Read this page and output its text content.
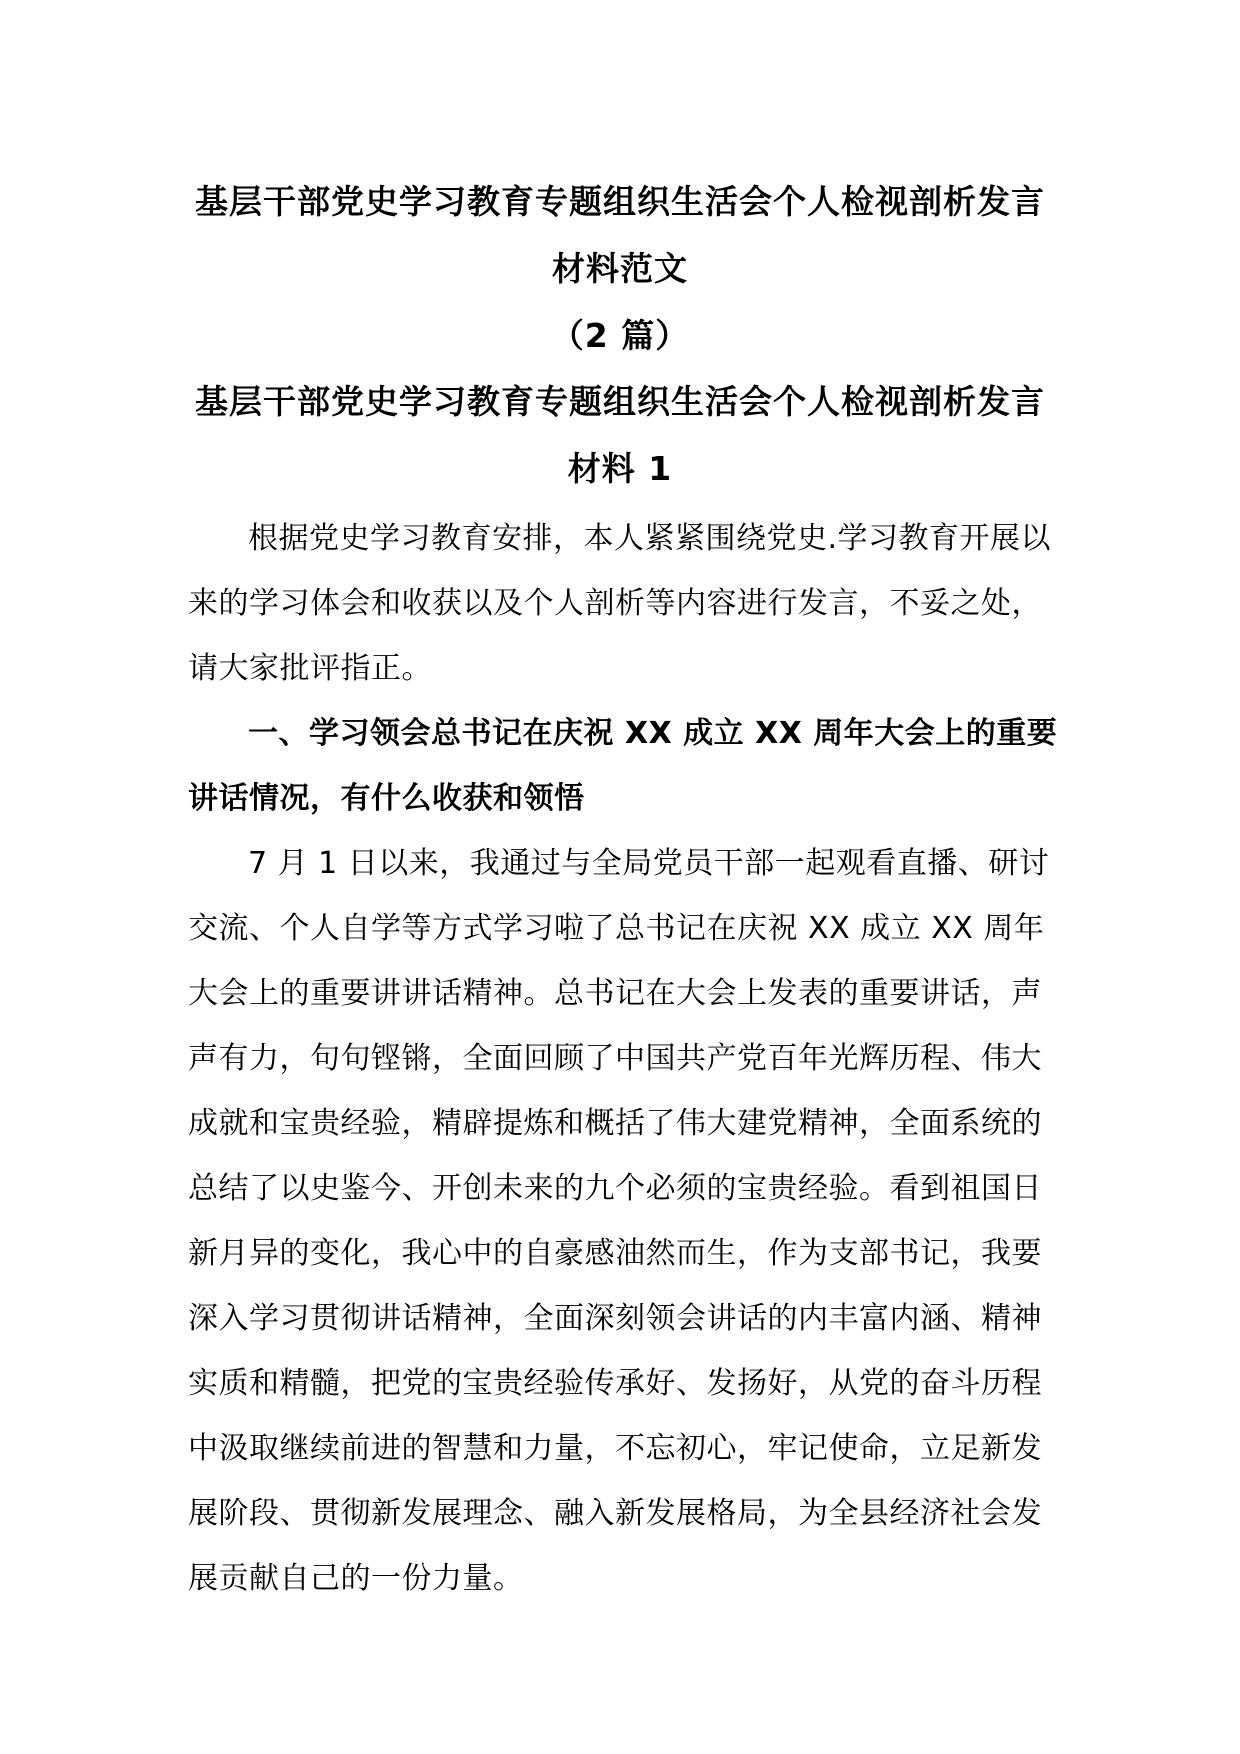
基层干部党史学习教育专题组织生活会个人检视剖析发言
材料范文
（2 篇）
基层干部党史学习教育专题组织生活会个人检视剖析发言
材料 1

根据党史学习教育安排，本人紧紧围绕党史.学习教育开展以来的学习体会和收获以及个人剖析等内容进行发言，不妥之处，请大家批评指正。

一、学习领会总书记在庆祝 XX 成立 XX 周年大会上的重要讲话情况，有什么收获和领悟

7 月 1 日以来，我通过与全局党员干部一起观看直播、研讨交流、个人自学等方式学习啦了总书记在庆祝 XX 成立 XX 周年大会上的重要讲讲话精神。总书记在大会上发表的重要讲话，声声有力，句句铿锵，全面回顾了中国共产党百年光辉历程、伟大成就和宝贵经验，精辟提炼和概括了伟大建党精神，全面系统的总结了以史鉴今、开创未来的九个必须的宝贵经验。看到祖国日新月异的变化，我心中的自豪感油然而生，作为支部书记，我要深入学习贯彻讲话精神，全面深刻领会讲话的内丰富内涵、精神实质和精髓，把党的宝贵经验传承好、发扬好，从党的奋斗历程中汲取继续前进的智慧和力量，不忘初心，牢记使命，立足新发展阶段、贯彻新发展理念、融入新发展格局，为全县经济社会发展贡献自己的一份力量。
